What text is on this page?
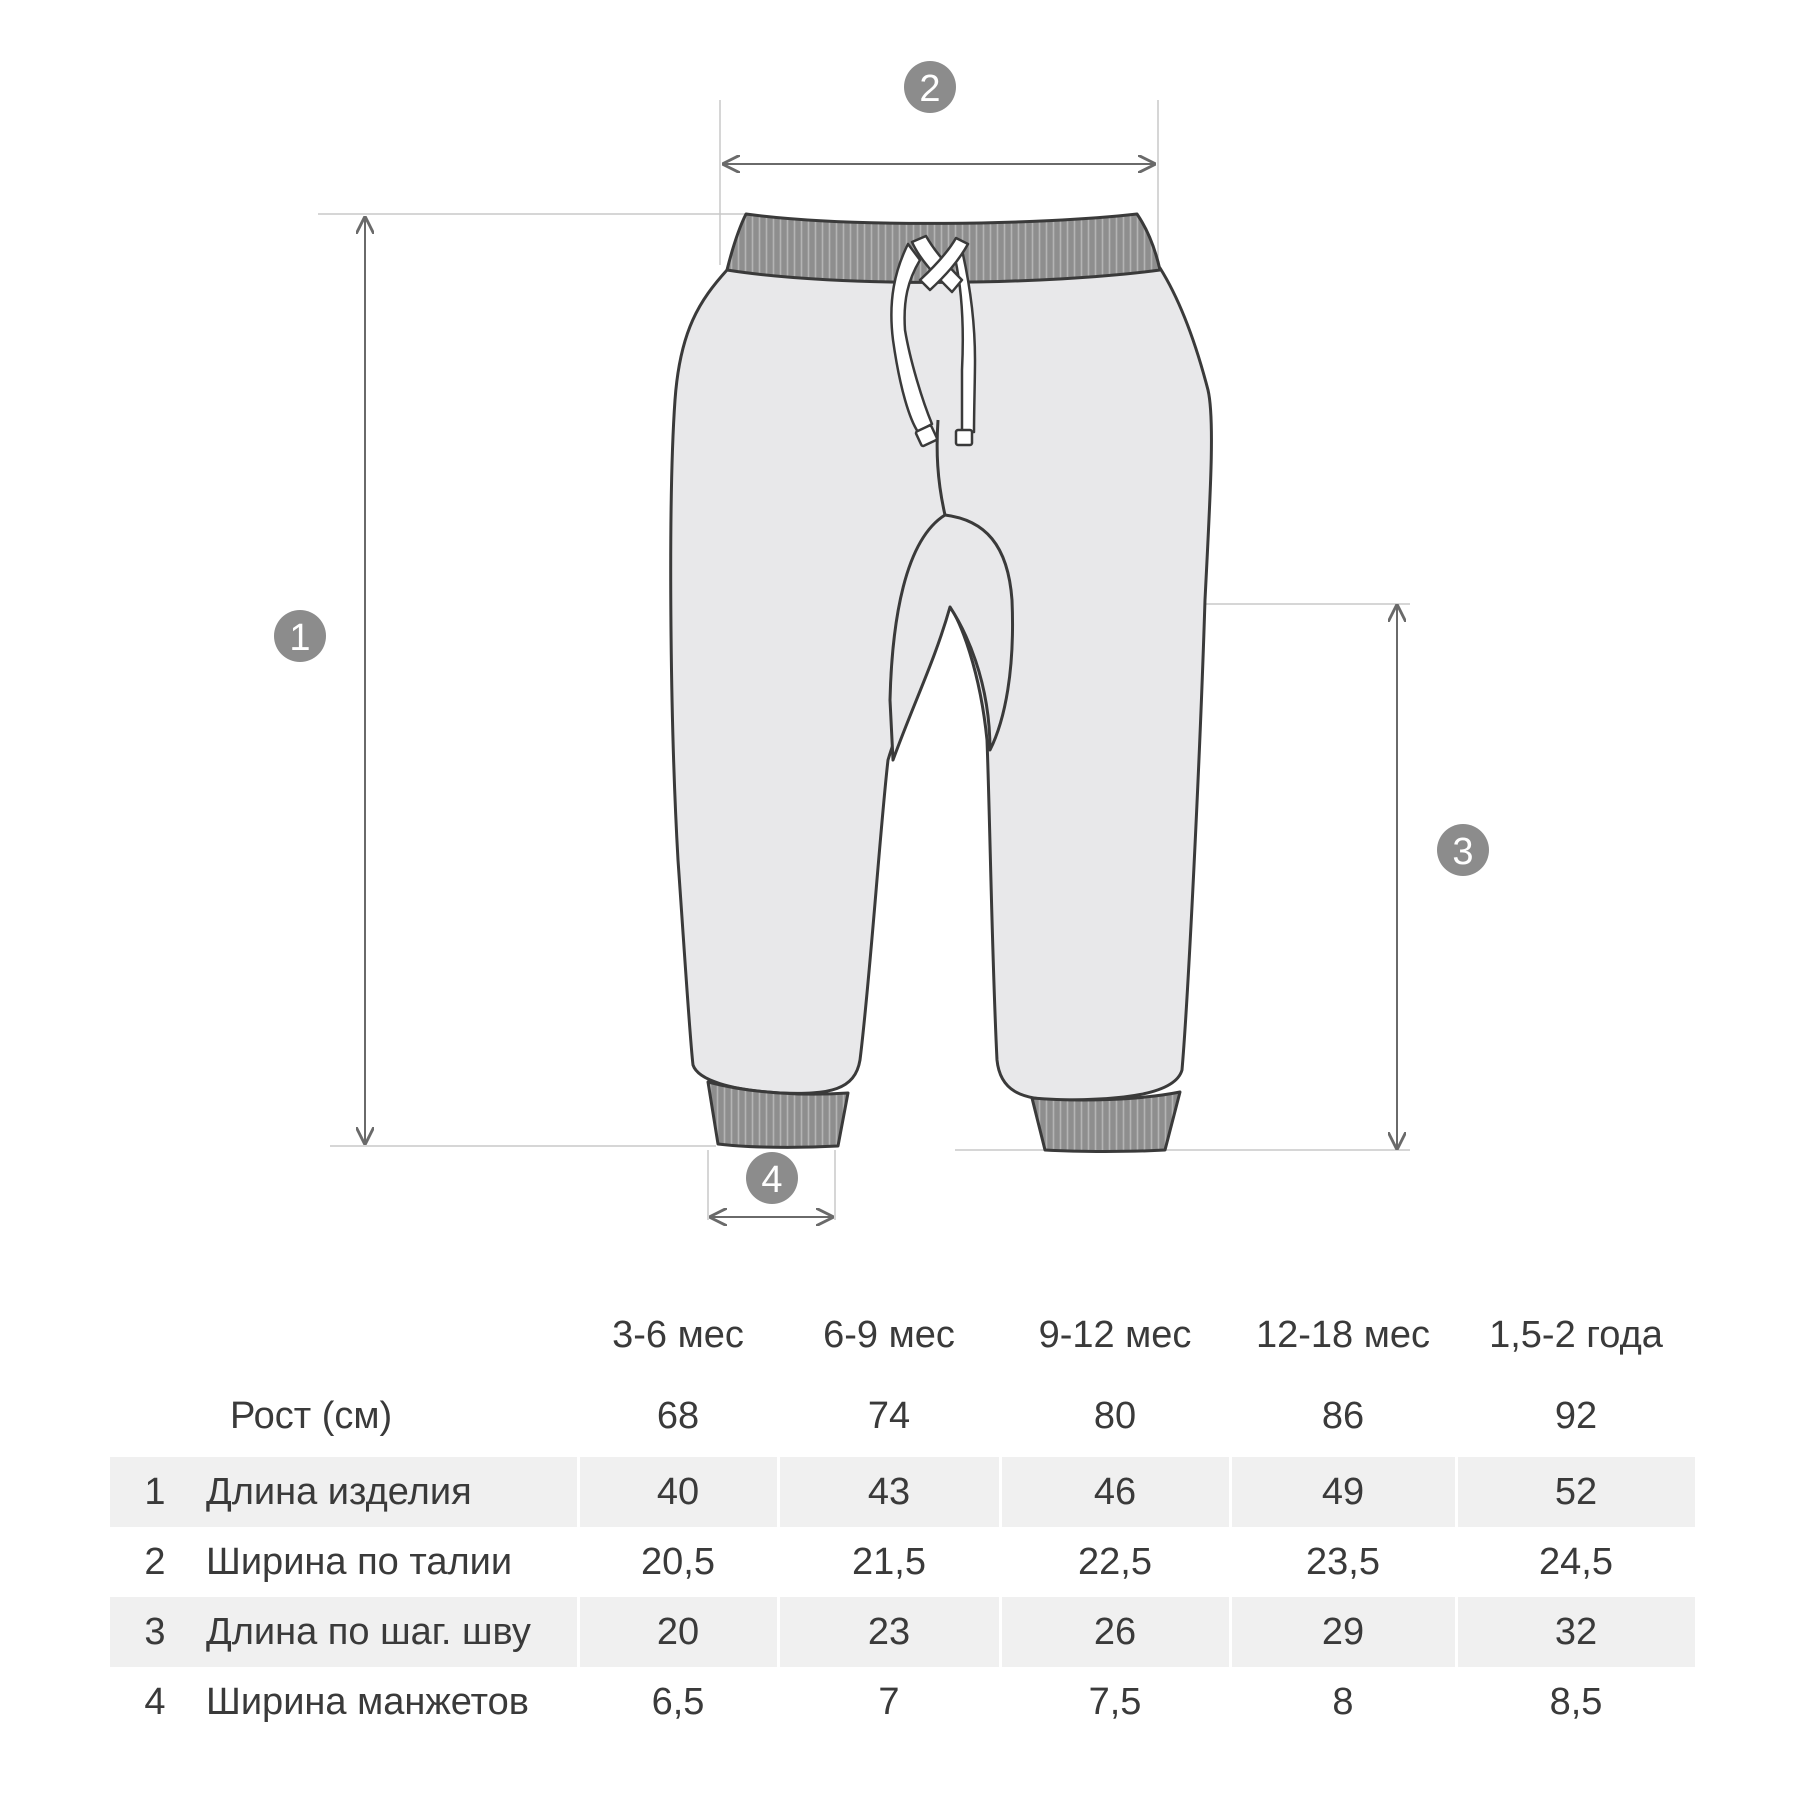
1
2
3
4
		3-6 мес	6-9 мес	9-12 мес	12-18 мес	1,5-2 года
Рост (см)		68	74	80	86	92
1	Длина изделия	40	43	46	49	52
2	Ширина по талии	20,5	21,5	22,5	23,5	24,5
3	Длина по шаг. шву	20	23	26	29	32
4	Ширина манжетов	6,5	7	7,5	8	8,5
